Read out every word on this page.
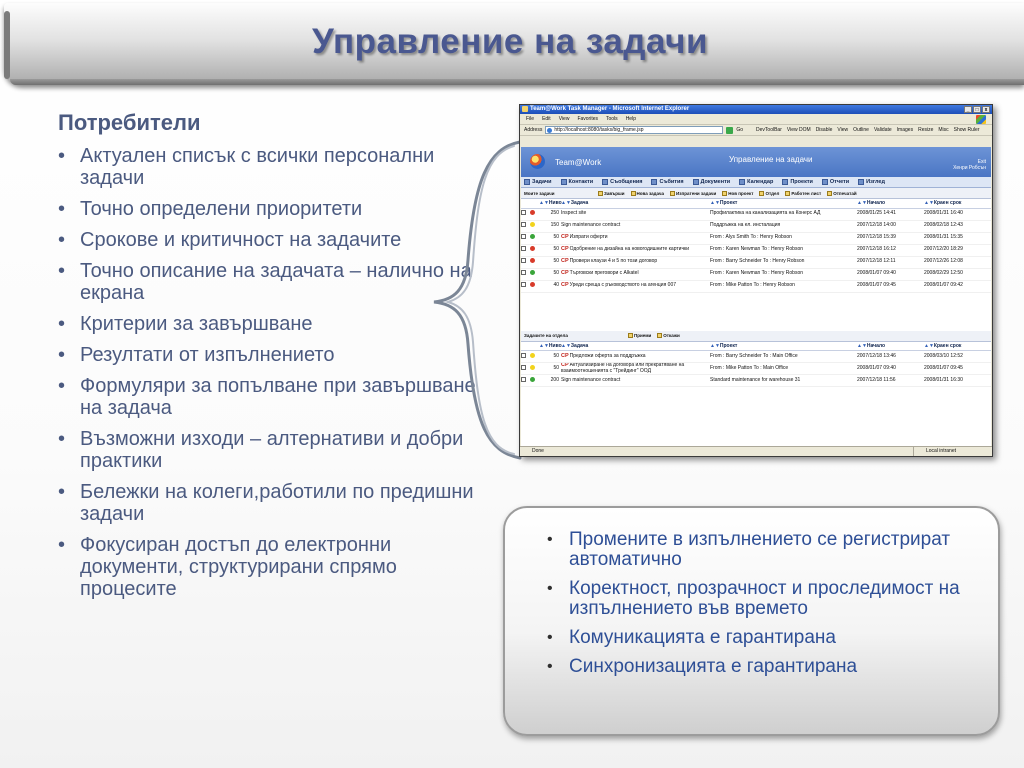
Управление на задачи
Потребители
• Актуален списък с всички персонални задачи
• Точно определени приоритети
• Срокове и критичност на задачите
• Точно описание на задачата – налично на екрана
• Критерии за завършване
• Резултати от изпълнението
• Формуляри за попълване при завършване на задача
• Възможни изходи – алтернативи и добри практики
• Бележки на колеги,работили по предишни задачи
• Фокусиран достъп до електронни документи, структурирани спрямо процесите
Team@Work Task Manager - Microsoft Internet Explorer	_	□	x
File Edit View Favorites Tools Help
Address	http://localhost:8080/tasks/big_frame.jsp	Go	DevToolBar View DOM Disable View Outline Validate Images Resize Misc Show Ruler
Team@Work	Управление на задачи	Exit
Хенри Робсън
Задачи	Контакти	Съобщения	Събития	Документи	Календар	Проекти	Отчети	Изглед
Моите задачи	Завърши	Нова задача	Изпратени задачи	Нов проект	Отдел	Работен лист	Отпечатай
		▲▼Ниво	▲▼Задача	▲▼Проект	▲▼Начало	▲▼Краен срок
		250	Inspect site	Профилактика на канализацията на Конерс АД	2008/01/25 14:41	2008/01/31 16:40
		150	Sign maintenance contract	Поддръжка на ел. инсталация	2007/12/18 14:00	2008/02/18 12:43
		50	CPИзпрати оферти	From : Alys Smith To : Henry Robson	2007/12/18 15:39	2008/01/31 15:35
		50	CPОдобрение на дизайна на новогодишните картички	From : Karen Newman To : Henry Robson	2007/12/18 16:12	2007/12/20 18:29
		50	CPПровери клаузи 4 и 5 по този договор	From : Barry Schneider To : Henry Robson	2007/12/18 12:11	2007/12/26 12:08
		50	CPТърговски преговори с Alkatel	From : Karen Newman To : Henry Robson	2008/01/07 09:40	2008/02/29 12:50
		40	CPУреди среща с ръководството на агенция 007	From : Mike Patton To : Henry Robson	2008/01/07 09:45	2008/01/07 09:42
Задачите на отдела	Приеми	Откажи
		▲▼Ниво	▲▼Задача	▲▼Проект	▲▼Начало	▲▼Краен срок
		50	CPПредложи оферта за поддръжка	From : Barry Schneider To : Main Office	2007/12/18 13:46	2008/03/10 12:52
		50	CPАктуализиране на договора или прекратяване на взаимоотношенията с "Трейдинг" ООД	From : Mike Patton To : Main Office	2008/01/07 09:40	2008/01/07 09:45
		200	Sign maintenance contract	Standard maintenance for warehouse 31	2007/12/18 11:56	2008/01/31 16:30
Done	Local intranet
• Промените в изпълнението се регистрират автоматично
• Коректност, прозрачност и проследимост на изпълнението във времето
• Комуникацията е гарантирана
• Синхронизацията е гарантирана
